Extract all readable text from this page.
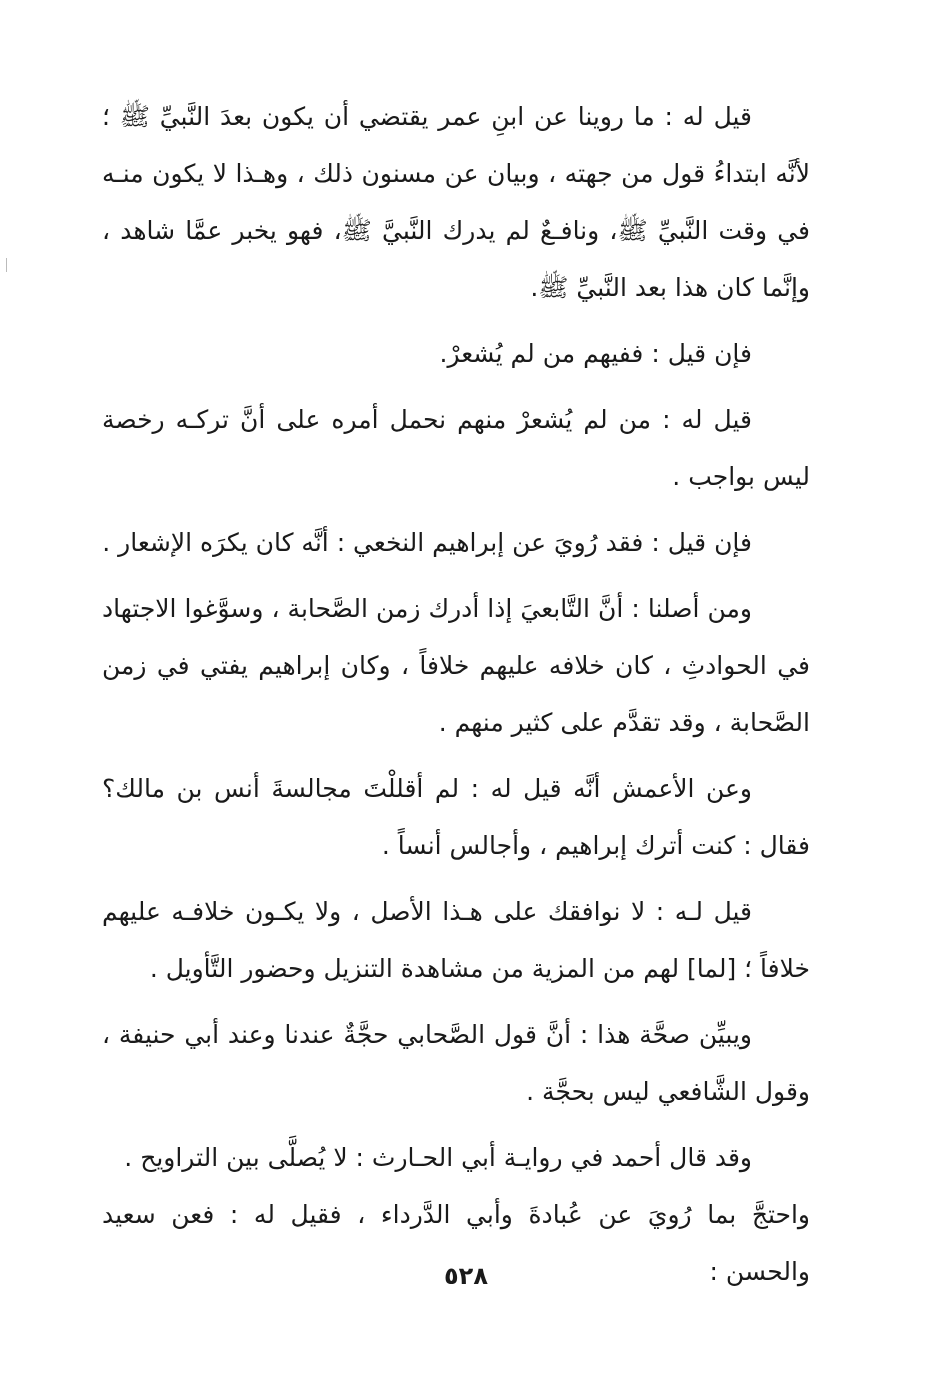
قيل له : ما روينا عن ابنِ عمر يقتضي أن يكون بعدَ النَّبيِّ ﷺ ؛ لأنَّه ابتداءُ قول من جهته ، وبيان عن مسنون ذلك ، وهـذا لا يكون منـه في وقت النَّبيِّ ﷺ، ونافـعٌ لم يدرك النَّبيَّ ﷺ، فهو يخبر عمَّا شاهد ، وإنَّما كان هذا بعد النَّبيِّ ﷺ.

فإن قيل : ففيهم من لم يُشعرْ.

قيل له : من لم يُشعرْ منهم نحمل أمره على أنَّ تركـه رخصة ليس بواجب .

فإن قيل : فقد رُويَ عن إبراهيم النخعي : أنَّه كان يكرَه الإشعار .

ومن أصلنا : أنَّ التَّابعيَ إذا أدرك زمن الصَّحابة ، وسوَّغوا الاجتهاد في الحوادثِ ، كان خلافه عليهم خلافاً ، وكان إبراهيم يفتي في زمن الصَّحابة ، وقد تقدَّم على كثير منهم .

وعن الأعمش أنَّه قيل له : لم أقللْتَ مجالسةَ أنس بن مالك؟ فقال : كنت أترك إبراهيم ، وأجالس أنساً .

قيل لـه : لا نوافقك على هـذا الأصل ، ولا يكـون خلافـه عليهم خلافاً ؛ [لما] لهم من المزية من مشاهدة التنزيل وحضور التَّأويل .

ويبيِّن صحَّة هذا : أنَّ قول الصَّحابي حجَّةٌ عندنا وعند أبي حنيفة ، وقول الشَّافعي ليس بحجَّة .

وقد قال أحمد في روايـة أبي الحـارث : لا يُصلَّى بين التراويح .

واحتجَّ بما رُويَ عن عُبادةَ وأبي الدَّرداء ، فقيل له : فعن سعيد والحسن :

٥٢٨
